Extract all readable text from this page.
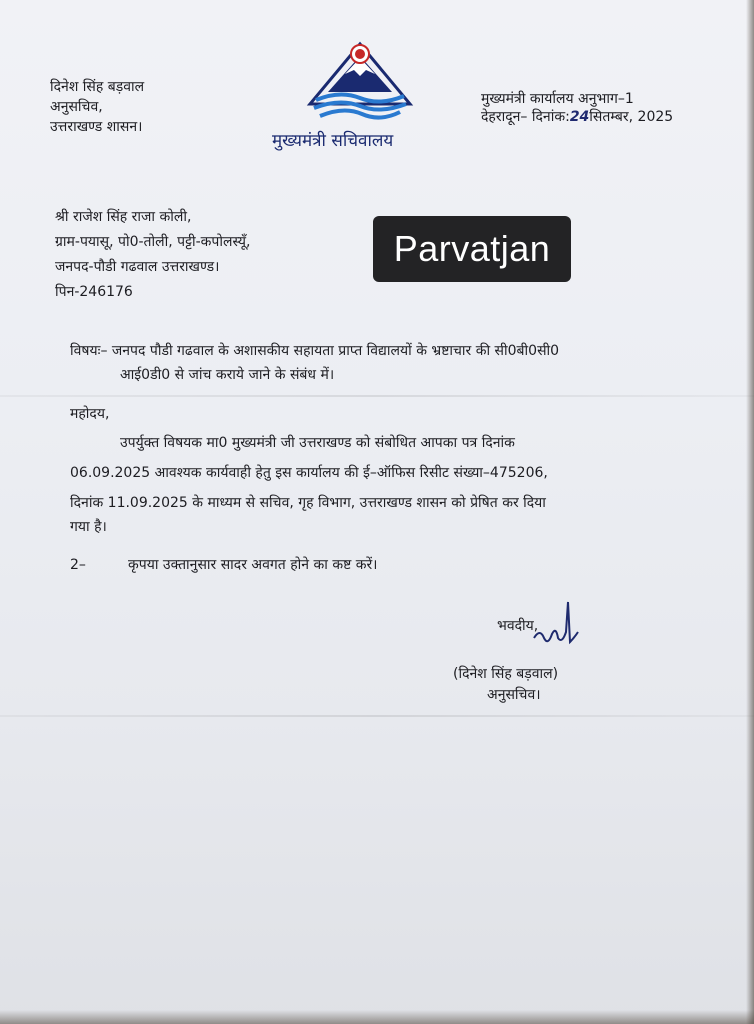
दिनेश सिंह बड़वाल
अनुसचिव,
उत्तराखण्ड शासन।
मुख्यमंत्री सचिवालय
मुख्यमंत्री कार्यालय अनुभाग–1
देहरादून– दिनांक:24सितम्बर, 2025
श्री राजेश सिंह राजा कोली,
ग्राम-पयासू, पो0-तोली, पट्टी-कपोलस्यूँ,
जनपद-पौडी गढवाल उत्तराखण्ड।
पिन-246176
Parvatjan
विषयः– जनपद पौडी गढवाल के अशासकीय सहायता प्राप्त विद्यालयों के भ्रष्टाचार की सी0बी0सी0
आई0डी0 से जांच कराये जाने के संबंध में।
महोदय,
उपर्युक्त विषयक मा0 मुख्यमंत्री जी उत्तराखण्ड को संबोधित आपका पत्र दिनांक
06.09.2025 आवश्यक कार्यवाही हेतु इस कार्यालय की ई–ऑफिस रिसीट संख्या–475206,
दिनांक 11.09.2025 के माध्यम से सचिव, गृह विभाग, उत्तराखण्ड शासन को प्रेषित कर दिया
गया है।
2–	कृपया उक्तानुसार सादर अवगत होने का कष्ट करें।
भवदीय,
(दिनेश सिंह बड़वाल)
अनुसचिव।
